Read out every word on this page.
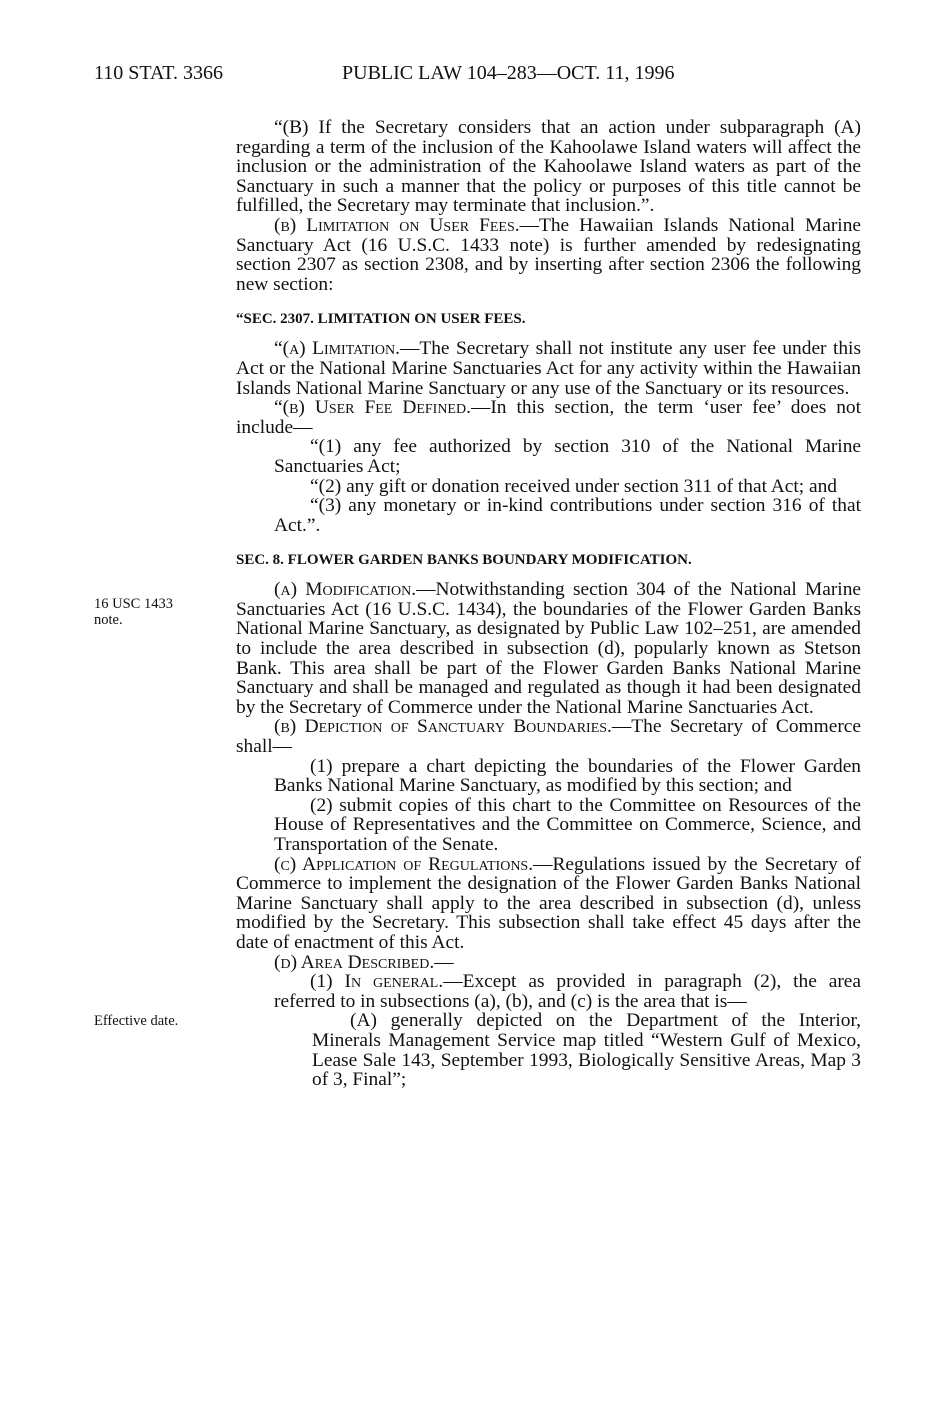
110 STAT. 3366	PUBLIC LAW 104–283—OCT. 11, 1996
16 USC 1433
note.
Effective date.

“(B) If the Secretary considers that an action under subparagraph (A) regarding a term of the inclusion of the Kahoolawe Island waters will affect the inclusion or the administration of the Kahoolawe Island waters as part of the Sanctuary in such a manner that the policy or purposes of this title cannot be fulfilled, the Secretary may terminate that inclusion.”.

(b) Limitation on User Fees.—The Hawaiian Islands National Marine Sanctuary Act (16 U.S.C. 1433 note) is further amended by redesignating section 2307 as section 2308, and by inserting after section 2306 the following new section:

“SEC. 2307. LIMITATION ON USER FEES.

“(a) Limitation.—The Secretary shall not institute any user fee under this Act or the National Marine Sanctuaries Act for any activity within the Hawaiian Islands National Marine Sanctuary or any use of the Sanctuary or its resources.

“(b) User Fee Defined.—In this section, the term ‘user fee’ does not include—

“(1) any fee authorized by section 310 of the National Marine Sanctuaries Act;

“(2) any gift or donation received under section 311 of that Act; and

“(3) any monetary or in-kind contributions under section 316 of that Act.”.

SEC. 8. FLOWER GARDEN BANKS BOUNDARY MODIFICATION.

(a) Modification.—Notwithstanding section 304 of the National Marine Sanctuaries Act (16 U.S.C. 1434), the boundaries of the Flower Garden Banks National Marine Sanctuary, as designated by Public Law 102–251, are amended to include the area described in subsection (d), popularly known as Stetson Bank. This area shall be part of the Flower Garden Banks National Marine Sanctuary and shall be managed and regulated as though it had been designated by the Secretary of Commerce under the National Marine Sanctuaries Act.

(b) Depiction of Sanctuary Boundaries.—The Secretary of Commerce shall—

(1) prepare a chart depicting the boundaries of the Flower Garden Banks National Marine Sanctuary, as modified by this section; and

(2) submit copies of this chart to the Committee on Resources of the House of Representatives and the Committee on Commerce, Science, and Transportation of the Senate.

(c) Application of Regulations.—Regulations issued by the Secretary of Commerce to implement the designation of the Flower Garden Banks National Marine Sanctuary shall apply to the area described in subsection (d), unless modified by the Secretary. This subsection shall take effect 45 days after the date of enactment of this Act.

(d) Area Described.—

(1) In general.—Except as provided in paragraph (2), the area referred to in subsections (a), (b), and (c) is the area that is—

(A) generally depicted on the Department of the Interior, Minerals Management Service map titled “Western Gulf of Mexico, Lease Sale 143, September 1993, Biologically Sensitive Areas, Map 3 of 3, Final”;
